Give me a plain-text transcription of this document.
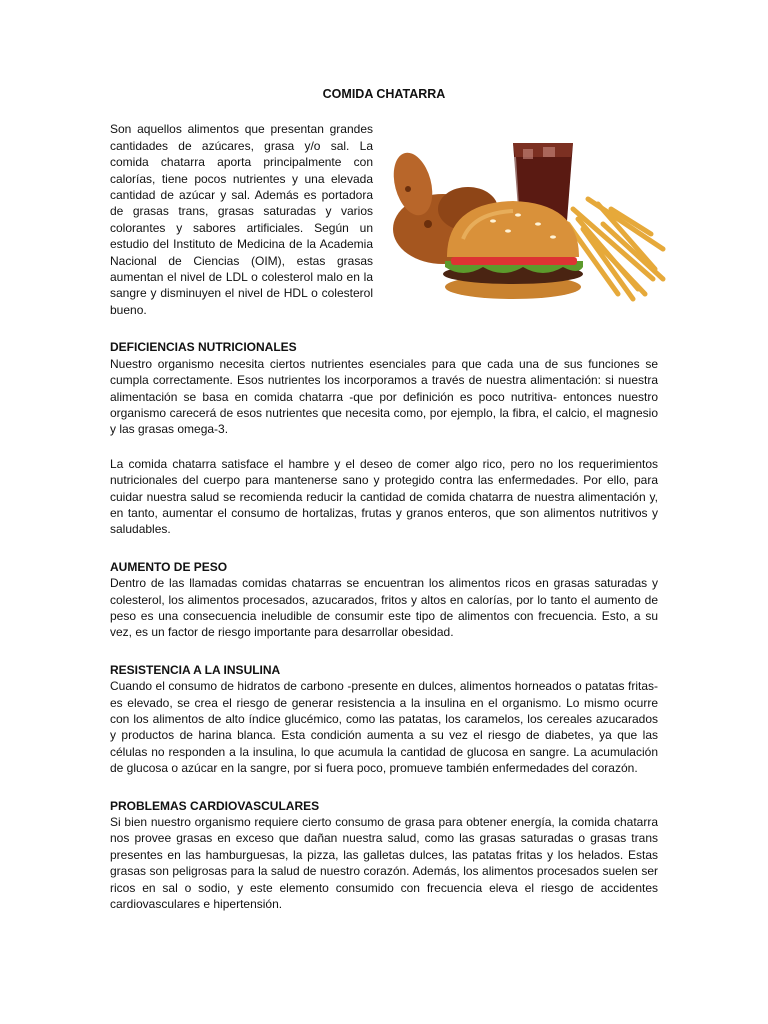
COMIDA CHATARRA

Son aquellos alimentos que presentan grandes cantidades de azúcares, grasa y/o sal. La comida chatarra aporta principalmente con calorías, tiene pocos nutrientes y una elevada cantidad de azúcar y sal. Además es portadora de grasas trans, grasas saturadas y varios colorantes y sabores artificiales. Según un estudio del Instituto de Medicina de la Academia Nacional de Ciencias (OIM), estas grasas aumentan el nivel de LDL o colesterol malo en la sangre y disminuyen el nivel de HDL o colesterol bueno.

DEFICIENCIAS NUTRICIONALES

Nuestro organismo necesita ciertos nutrientes esenciales para que cada una de sus funciones se cumpla correctamente. Esos nutrientes los incorporamos a través de nuestra alimentación: si nuestra alimentación se basa en comida chatarra -que por definición es poco nutritiva- entonces nuestro organismo carecerá de esos nutrientes que necesita como, por ejemplo, la fibra, el calcio, el magnesio y las grasas omega-3.

La comida chatarra satisface el hambre y el deseo de comer algo rico, pero no los requerimientos nutricionales del cuerpo para mantenerse sano y protegido contra las enfermedades. Por ello, para cuidar nuestra salud se recomienda reducir la cantidad de comida chatarra de nuestra alimentación y, en tanto, aumentar el consumo de hortalizas, frutas y granos enteros, que son alimentos nutritivos y saludables.

AUMENTO DE PESO

Dentro de las llamadas comidas chatarras se encuentran los alimentos ricos en grasas saturadas y colesterol, los alimentos procesados, azucarados, fritos y altos en calorías, por lo tanto el aumento de peso es una consecuencia ineludible de consumir este tipo de alimentos con frecuencia. Esto, a su vez, es un factor de riesgo importante para desarrollar obesidad.

RESISTENCIA A LA INSULINA

Cuando el consumo de hidratos de carbono -presente en dulces, alimentos horneados o patatas fritas- es elevado, se crea el riesgo de generar resistencia a la insulina en el organismo. Lo mismo ocurre con los alimentos de alto índice glucémico, como las patatas, los caramelos, los cereales azucarados y productos de harina blanca. Esta condición aumenta a su vez el riesgo de diabetes, ya que las células no responden a la insulina, lo que acumula la cantidad de glucosa en sangre. La acumulación de glucosa o azúcar en la sangre, por si fuera poco, promueve también enfermedades del corazón.

PROBLEMAS CARDIOVASCULARES

Si bien nuestro organismo requiere cierto consumo de grasa para obtener energía, la comida chatarra nos provee grasas en exceso que dañan nuestra salud, como las grasas saturadas o grasas trans presentes en las hamburguesas, la pizza, las galletas dulces, las patatas fritas y los helados. Estas grasas son peligrosas para la salud de nuestro corazón. Además, los alimentos procesados suelen ser ricos en sal o sodio, y este elemento consumido con frecuencia eleva el riesgo de accidentes cardiovasculares e hipertensión.
